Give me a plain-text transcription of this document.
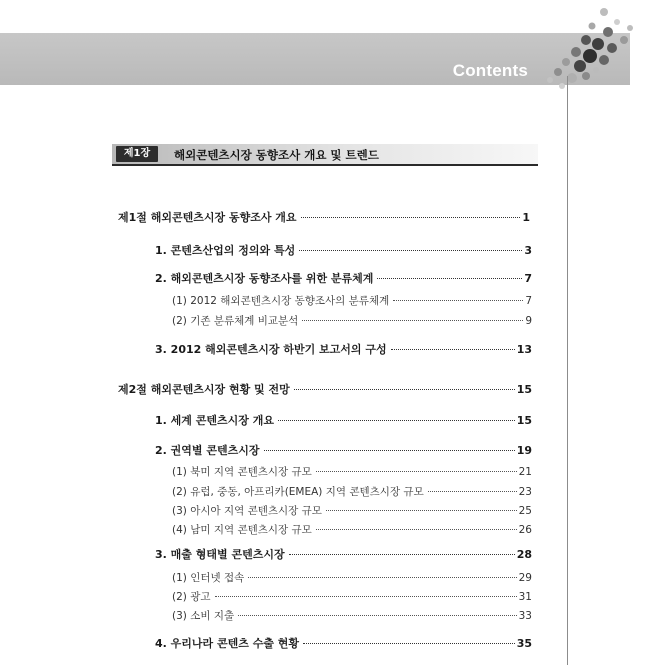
Contents
제1장	해외콘텐츠시장 동향조사 개요 및 트렌드
제1절 해외콘텐츠시장 동향조사 개요	1
1. 콘텐츠산업의 정의와 특성	3
2. 해외콘텐츠시장 동향조사를 위한 분류체계	7
(1) 2012 해외콘텐츠시장 동향조사의 분류체계	7
(2) 기존 분류체계 비교분석	9
3. 2012 해외콘텐츠시장 하반기 보고서의 구성	13
제2절 해외콘텐츠시장 현황 및 전망	15
1. 세계 콘텐츠시장 개요	15
2. 권역별 콘텐츠시장	19
(1) 북미 지역 콘텐츠시장 규모	21
(2) 유럽, 중동, 아프리카(EMEA) 지역 콘텐츠시장 규모	23
(3) 아시아 지역 콘텐츠시장 규모	25
(4) 남미 지역 콘텐츠시장 규모	26
3. 매출 형태별 콘텐츠시장	28
(1) 인터넷 접속	29
(2) 광고	31
(3) 소비 지출	33
4. 우리나라 콘텐츠 수출 현황	35
